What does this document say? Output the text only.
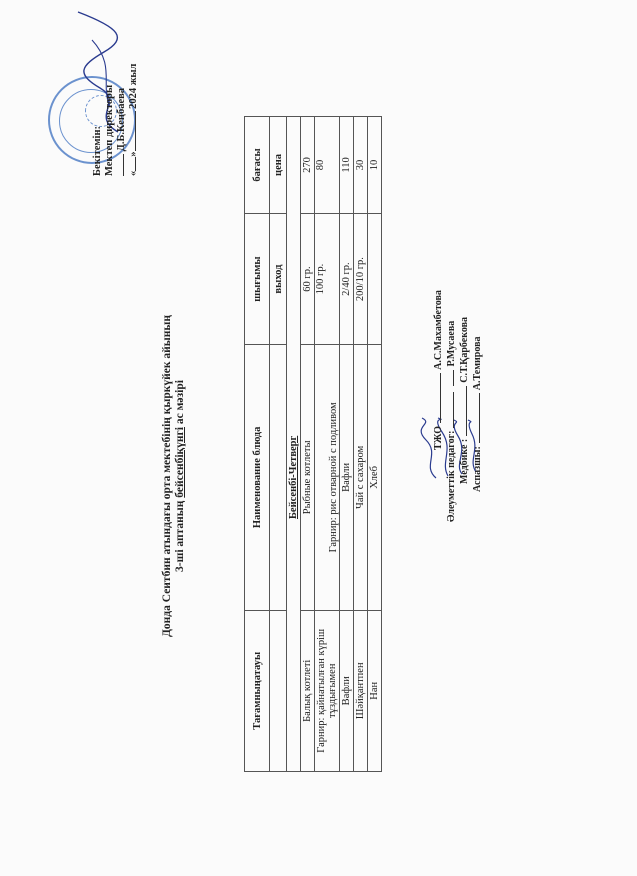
Бекітемін: Мектеп директоры Д.Б.Кеңбаева
«» 2024 жыл
Донда Сеитбин атындағы орта мектебінің қыркүйек айының 3-ші аптаның бейсенбіқүнгі ас мәзірі
Тағамныңатауы	Наименование блюда	шығымы	бағасы
		выход	цена
	Бейсенбі-Четверг		
Балық котлеті	Рыбные котлеты	60 гр.	270
Гарнир: қайнатылған күріш тұздығымен	Гарнир: рис отварной с подливом	100 гр.	80
Вафли	Вафли	2/40 гр.	110
Шәйқантпен	Чай с сахаром	200/10 гр.	30
Нан	Хлеб		10
ТЖОА.С.Махамбетова
Әлеуметтік педагог:Р.Мусаева
Медбике :С.Т.Қарбекова
Аспазшы:А.Темирова
